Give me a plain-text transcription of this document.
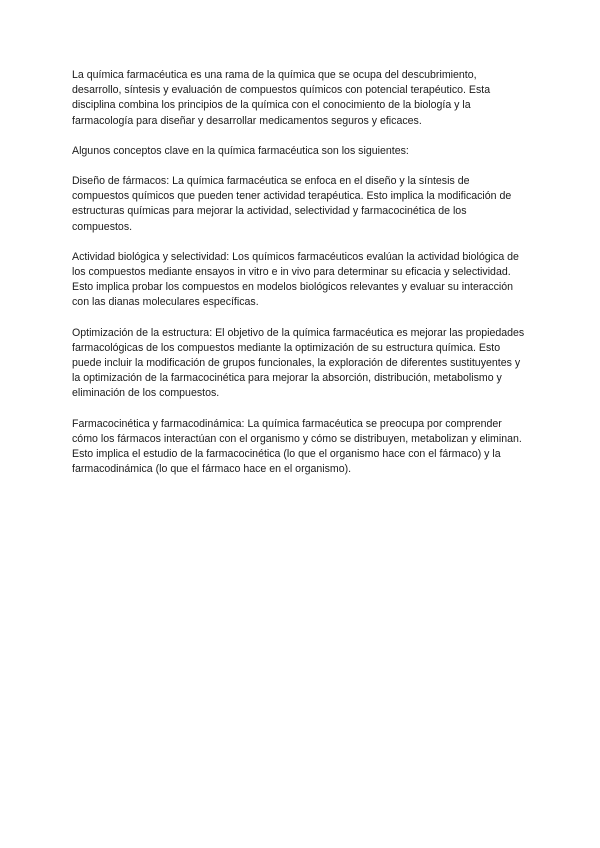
La química farmacéutica es una rama de la química que se ocupa del descubrimiento, desarrollo, síntesis y evaluación de compuestos químicos con potencial terapéutico. Esta disciplina combina los principios de la química con el conocimiento de la biología y la farmacología para diseñar y desarrollar medicamentos seguros y eficaces.

Algunos conceptos clave en la química farmacéutica son los siguientes:

Diseño de fármacos: La química farmacéutica se enfoca en el diseño y la síntesis de compuestos químicos que pueden tener actividad terapéutica. Esto implica la modificación de estructuras químicas para mejorar la actividad, selectividad y farmacocinética de los compuestos.

Actividad biológica y selectividad: Los químicos farmacéuticos evalúan la actividad biológica de los compuestos mediante ensayos in vitro e in vivo para determinar su eficacia y selectividad. Esto implica probar los compuestos en modelos biológicos relevantes y evaluar su interacción con las dianas moleculares específicas.

Optimización de la estructura: El objetivo de la química farmacéutica es mejorar las propiedades farmacológicas de los compuestos mediante la optimización de su estructura química. Esto puede incluir la modificación de grupos funcionales, la exploración de diferentes sustituyentes y la optimización de la farmacocinética para mejorar la absorción, distribución, metabolismo y eliminación de los compuestos.

Farmacocinética y farmacodinámica: La química farmacéutica se preocupa por comprender cómo los fármacos interactúan con el organismo y cómo se distribuyen, metabolizan y eliminan. Esto implica el estudio de la farmacocinética (lo que el organismo hace con el fármaco) y la farmacodinámica (lo que el fármaco hace en el organismo).
